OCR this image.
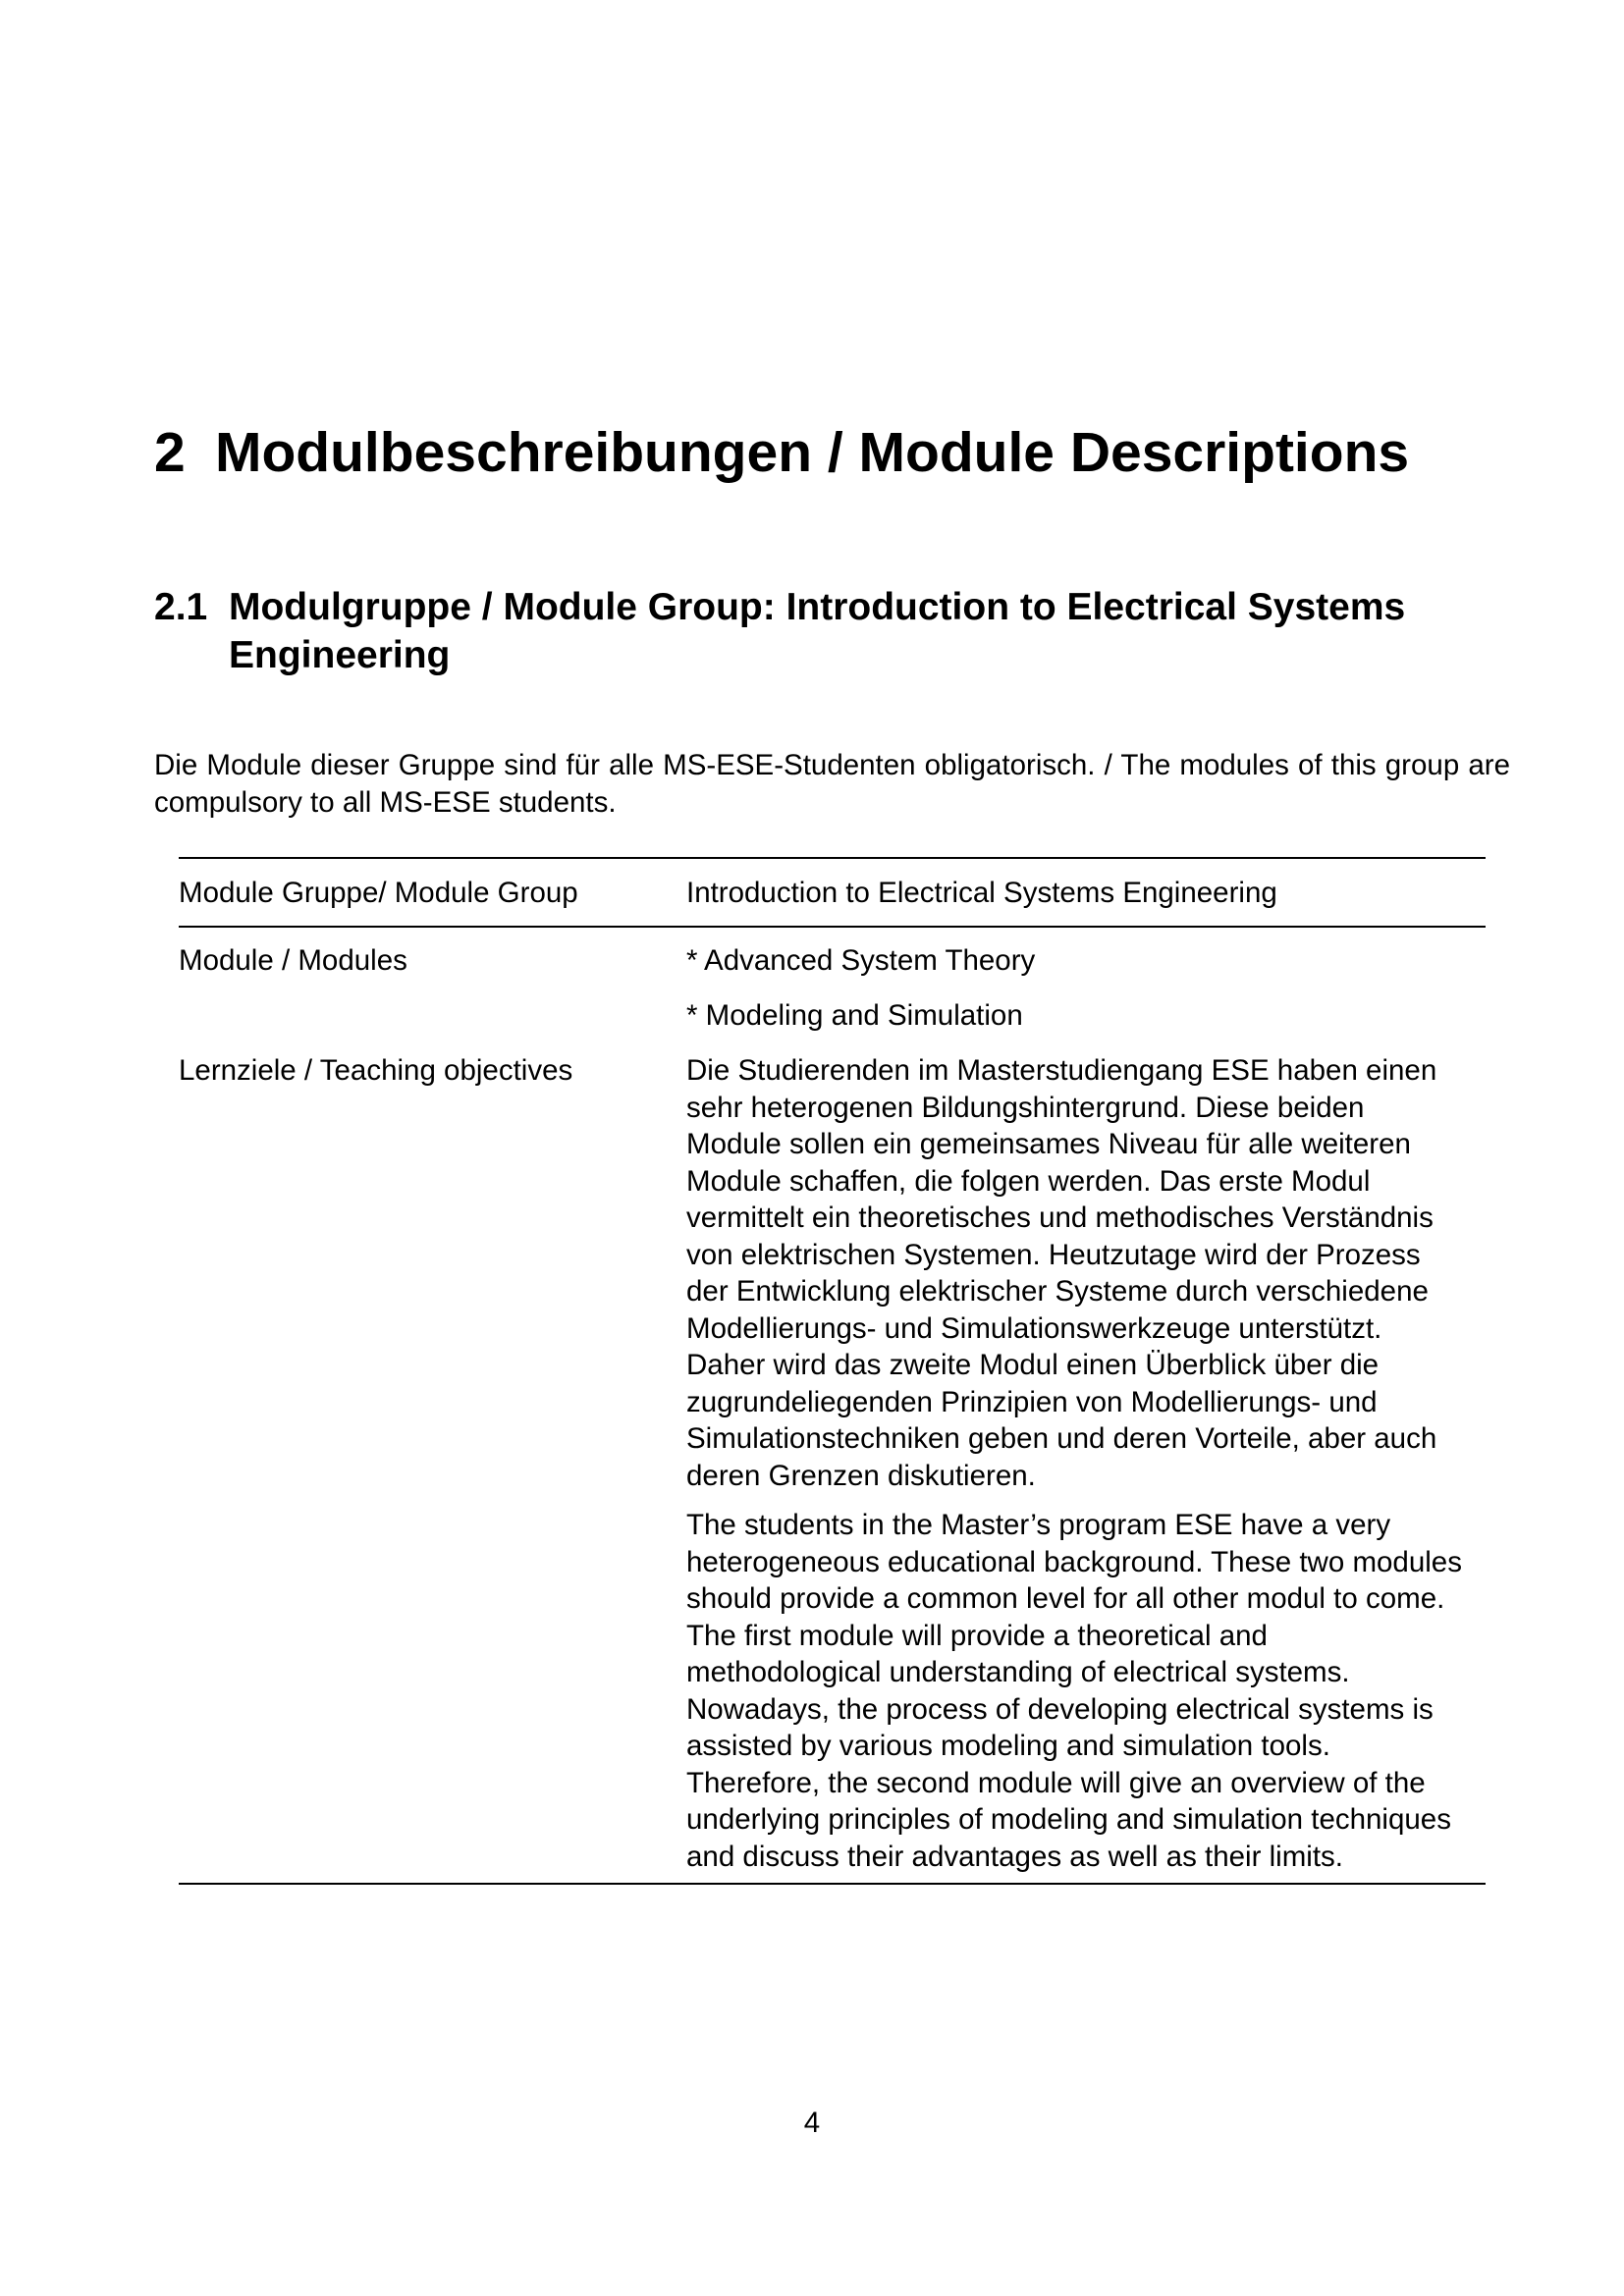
2 Modulbeschreibungen / Module Descriptions
2.1 Modulgruppe / Module Group: Introduction to Electrical Systems Engineering

Die Module dieser Gruppe sind für alle MS-ESE-Studenten obligatorisch. / The modules of this group are compulsory to all MS-ESE students.

Module Gruppe/ Module Group	Introduction to Electrical Systems Engineering

Module / Modules	* Advanced System Theory

* Modeling and Simulation

Lernziele / Teaching objectives	Die Studierenden im Masterstudiengang ESE haben einen
sehr heterogenen Bildungshintergrund. Diese beiden
Module sollen ein gemeinsames Niveau für alle weiteren
Module schaffen, die folgen werden. Das erste Modul
vermittelt ein theoretisches und methodisches Verständnis
von elektrischen Systemen. Heutzutage wird der Prozess
der Entwicklung elektrischer Systeme durch verschiedene
Modellierungs- und Simulationswerkzeuge unterstützt.
Daher wird das zweite Modul einen Überblick über die
zugrundeliegenden Prinzipien von Modellierungs- und
Simulationstechniken geben und deren Vorteile, aber auch
deren Grenzen diskutieren.
The students in the Master’s program ESE have a very
heterogeneous educational background. These two modules
should provide a common level for all other modul to come.
The first module will provide a theoretical and
methodological understanding of electrical systems.
Nowadays, the process of developing electrical systems is
assisted by various modeling and simulation tools.
Therefore, the second module will give an overview of the
underlying principles of modeling and simulation techniques
and discuss their advantages as well as their limits.
4
